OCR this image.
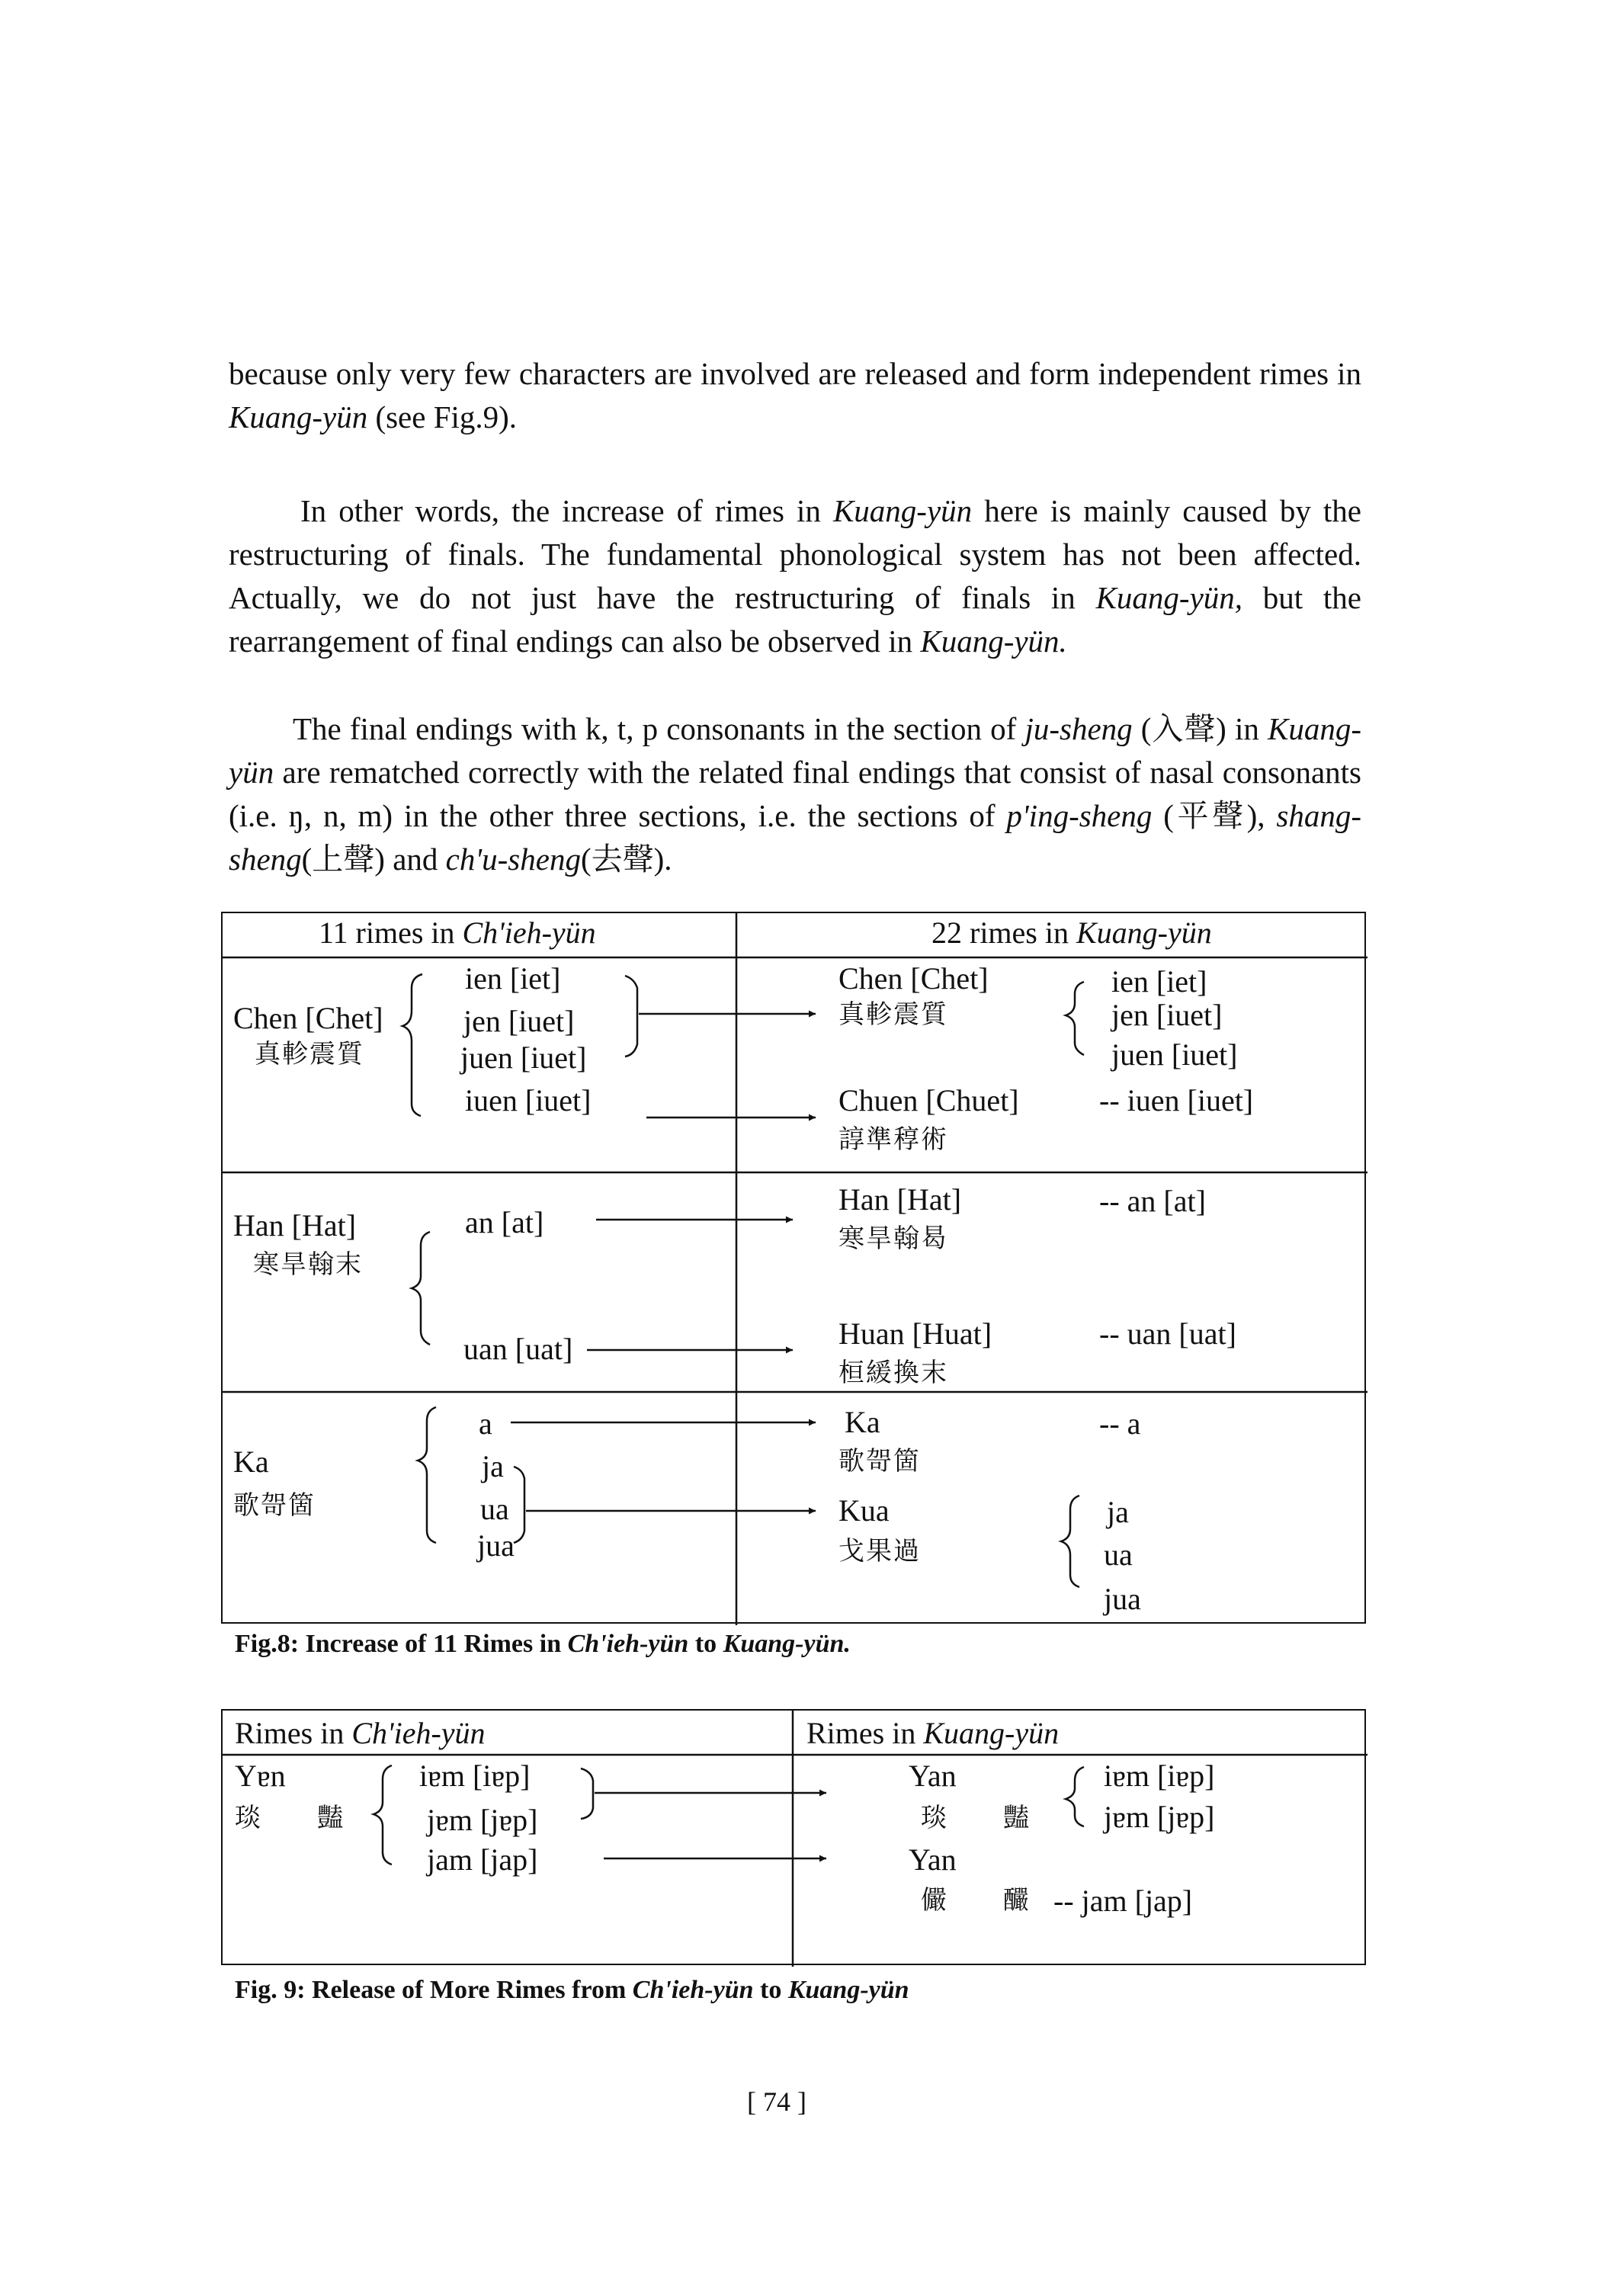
because only very few characters are involved are released and form independent rimes in Kuang-yün (see Fig.9).

In other words, the increase of rimes in Kuang-yün here is mainly caused by the restructuring of finals. The fundamental phonological system has not been affected. Actually, we do not just have the restructuring of finals in Kuang-yün, but the rearrangement of final endings can also be observed in Kuang-yün.

The final endings with k, t, p consonants in the section of ju-sheng (入聲) in Kuang-yün are rematched correctly with the related final endings that consist of nasal consonants (i.e. ŋ, n, m) in the other three sections, i.e. the sections of p'ing-sheng (平聲), shang-sheng(上聲) and ch'u-sheng(去聲).

11 rimes in Ch'ieh-yün	22 rimes in Kuang-yün
Chen [Chet]
真軫震質
ien [iet]
jen [iuet]
juen [iuet]
iuen [iuet]
Chen [Chet]
真軫震質
ien [iet]
jen [iuet]
juen [iuet]
Chuen [Chuet]
諄準稕術
-- iuen [iuet]
Han [Hat]
寒旱翰末
an [at]
uan [uat]
Han [Hat]
寒旱翰曷
-- an [at]
Huan [Huat]
桓緩換末
-- uan [uat]
Ka
歌哿箇
a
ja
ua
jua
Ka
歌哿箇
-- a
Kua
戈果過
ja
ua
jua
Fig.8: Increase of 11 Rimes in Ch'ieh-yün to Kuang-yün.
Rimes in Ch'ieh-yün	Rimes in Kuang-yün
Yɐn
琰 豔
iɐm [iɐp]
jɐm [jɐp]
jam [jap]
Yan
琰 豔
iɐm [iɐp]
jɐm [jɐp]
Yan
儼 釅 -- jam [jap]
Fig. 9: Release of More Rimes from Ch'ieh-yün to Kuang-yün
[ 74 ]
